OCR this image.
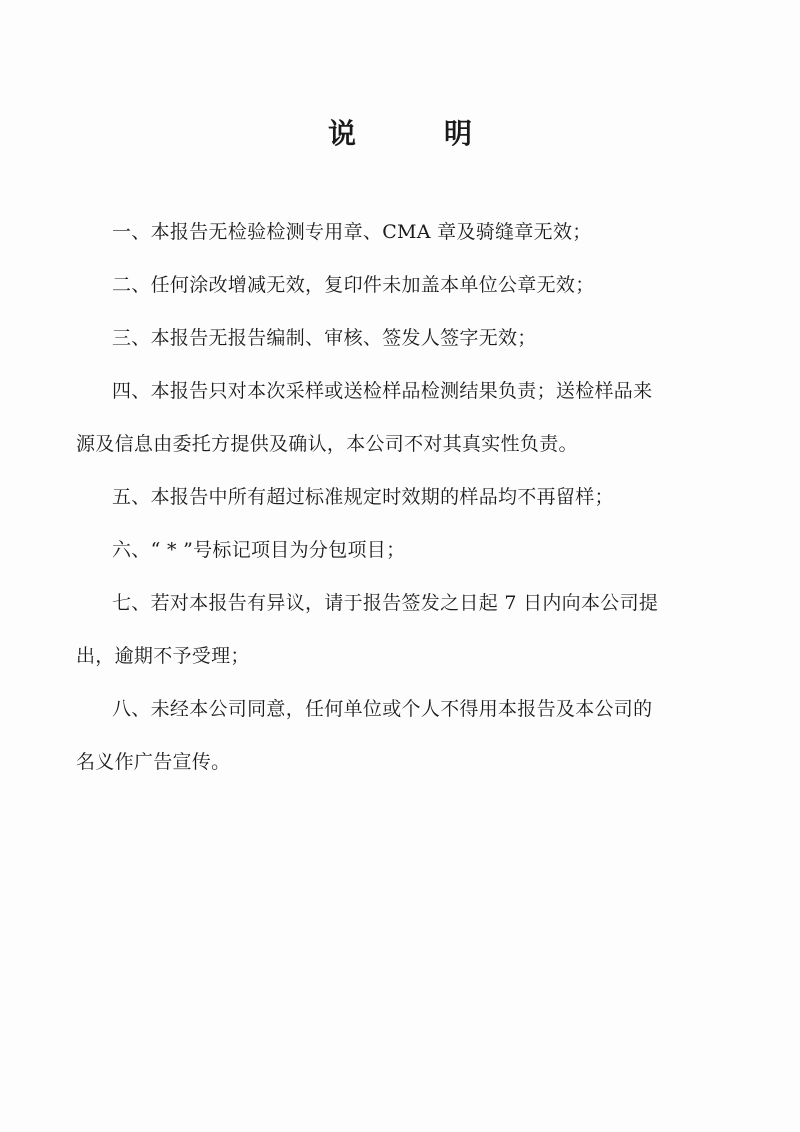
说　明
一、本报告无检验检测专用章、CMA 章及骑缝章无效；
二、任何涂改增减无效，复印件未加盖本单位公章无效；
三、本报告无报告编制、审核、签发人签字无效；
四、本报告只对本次采样或送检样品检测结果负责；送检样品来
源及信息由委托方提供及确认，本公司不对其真实性负责。
五、本报告中所有超过标准规定时效期的样品均不再留样；
六、“ * ”号标记项目为分包项目；
七、若对本报告有异议，请于报告签发之日起 7 日内向本公司提
出，逾期不予受理；
八、未经本公司同意，任何单位或个人不得用本报告及本公司的
名义作广告宣传。
